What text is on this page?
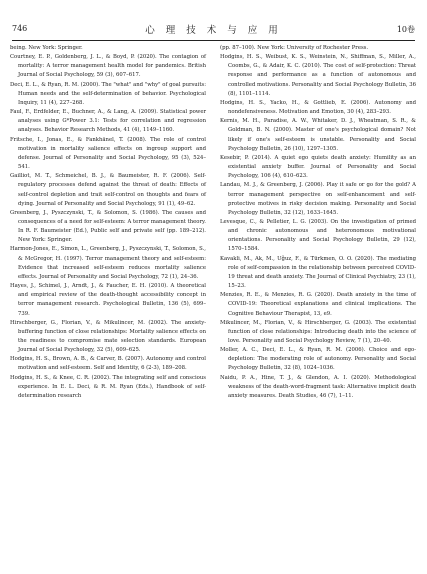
746	心 理 技 术 与 应 用	10卷

being. New York: Springer.

Courtney, E. P., Goldenberg, J. L., & Boyd, P. (2020). The contagion of mortality: A terror management health model for pandemics. British Journal of Social Psychology, 59 (3), 607–617.

Deci, E. L., & Ryan, R. M. (2000). The "what" and "why" of goal pursuits: Human needs and the self-determination of behavior. Psychological Inquiry, 11 (4), 227–268.

Faul, F., Erdfelder, E., Buchner, A., & Lang, A. (2009). Statistical power analyses using G*Power 3.1: Tests for correlation and regression analyses. Behavior Research Methods, 41 (4), 1149–1160.

Fritsche, I., Jonas, E., & Fankhänel, T. (2008). The role of control motivation in mortality salience effects on ingroup support and defense. Journal of Personality and Social Psychology, 95 (3), 524–541.

Gailliot, M. T., Schmeichel, B. J., & Baumeister, R. F. (2006). Self-regulatory processes defend against the threat of death: Effects of self-control depletion and trait self-control on thoughts and fears of dying. Journal of Personality and Social Psychology, 91 (1), 49–62.

Greenberg, J., Pyszczynski, T., & Solomon, S. (1986). The causes and consequences of a need for self-esteem: A terror management theory. In R. F. Baumeister (Ed.), Public self and private self (pp. 189–212). New York: Springer.

Harmon-Jones, E., Simon, L., Greenberg, J., Pyszczynski, T., Solomon, S., & McGregor, H. (1997). Terror management theory and self-esteem: Evidence that increased self-esteem reduces mortality salience effects. Journal of Personality and Social Psychology, 72 (1), 24–36.

Hayes, J., Schimel, J., Arndt, J., & Faucher, E. H. (2010). A theoretical and empirical review of the death-thought accessibility concept in terror management research. Psychological Bulletin, 136 (5), 699–739.

Hirschberger, G., Florian, V., & Mikulincer, M. (2002). The anxiety-buffering function of close relationships: Mortality salience effects on the readiness to compromise mate selection standards. European Journal of Social Psychology, 32 (5), 609–625.

Hodgins, H. S., Brown, A. B., & Carver, B. (2007). Autonomy and control motivation and self-esteem. Self and Identity, 6 (2-3), 189–208.

Hodgins, H. S., & Knee, C. R. (2002). The integrating self and conscious experience. In E. L. Deci, & R. M. Ryan (Eds.), Handbook of self-determination research

(pp. 87–100). New York: University of Rochester Press.

Hodgins, H. S., Weibust, K. S., Weinstein, N., Shiffman, S., Miller, A., Coombs, G., & Adair, K. C. (2010). The cost of self-protection: Threat response and performance as a function of autonomous and controlled motivations. Personality and Social Psychology Bulletin, 36 (8), 1101–1114.

Hodgins, H. S., Yacko, H., & Gottlieb, E. (2006). Autonomy and nondefensiveness. Motivation and Emotion, 30 (4), 283–293.

Kernis, M. H., Paradise, A. W., Whitaker, D. J., Wheatman, S. R., & Goldman, B. N. (2000). Master of one's psychological domain? Not likely if one's self-esteem is unstable. Personality and Social Psychology Bulletin, 26 (10), 1297–1305.

Kesebir, P. (2014). A quiet ego quiets death anxiety: Humility as an existential anxiety buffer. Journal of Personality and Social Psychology, 106 (4), 610–623.

Landau, M. J., & Greenberg, J. (2006). Play it safe or go for the gold? A terror management perspective on self-enhancement and self-protective motives in risky decision making. Personality and Social Psychology Bulletin, 32 (12), 1633–1645.

Levesque, C., & Pelletier, L. G. (2003). On the investigation of primed and chronic autonomous and heteronomous motivational orientations. Personality and Social Psychology Bulletin, 29 (12), 1570–1584.

Kavakli, M., Ak, M., Uğuz, F., & Türkmen, O. O. (2020). The mediating role of self-compassion in the relationship between perceived COVID-19 threat and death anxiety. The Journal of Clinical Psychiatry, 23 (1), 15–23.

Menzies, R. E., & Menzies, R. G. (2020). Death anxiety in the time of COVID-19: Theoretical explanations and clinical implications. The Cognitive Behaviour Therapist, 13, e9.

Mikulincer, M., Florian, V., & Hirschberger, G. (2003). The existential function of close relationships: Introducing death into the science of love. Personality and Social Psychology Review, 7 (1), 20–40.

Moller, A. C., Deci, E. L., & Ryan, R. M. (2006). Choice and ego-depletion: The moderating role of autonomy. Personality and Social Psychology Bulletin, 32 (8), 1024–1036.

Naidu, P. A., Hine, T. J., & Glendon, A. I. (2020). Methodological weakness of the death-word-fragment task: Alternative implicit death anxiety measures. Death Studies, 46 (7), 1–11.
